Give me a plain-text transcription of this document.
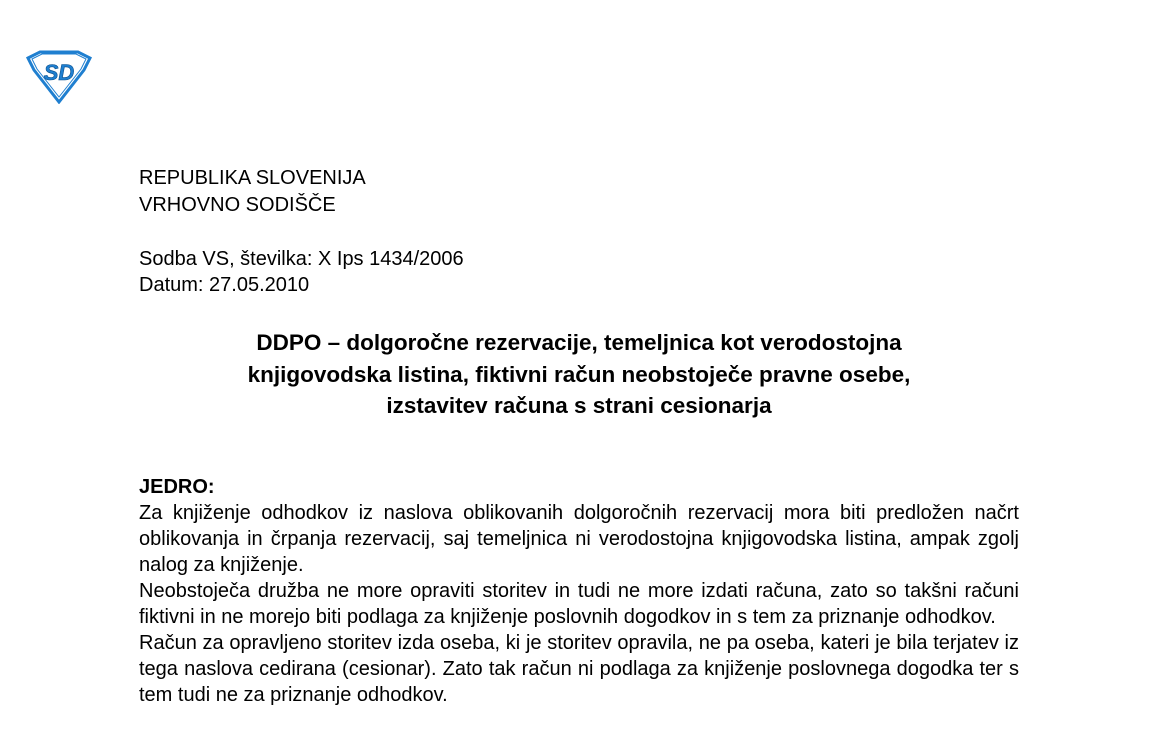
SD
REPUBLIKA SLOVENIJA
VRHOVNO SODIŠČE
Sodba VS, številka: X Ips 1434/2006
Datum: 27.05.2010
DDPO – dolgoročne rezervacije, temeljnica kot verodostojna
knjigovodska listina, fiktivni račun neobstoječe pravne osebe,
izstavitev računa s strani cesionarja
JEDRO:

Za knjiženje odhodkov iz naslova oblikovanih dolgoročnih rezervacij mora biti predložen načrt oblikovanja in črpanja rezervacij, saj temeljnica ni verodostojna knjigovodska listina, ampak zgolj nalog za knjiženje.

Neobstoječa družba ne more opraviti storitev in tudi ne more izdati računa, zato so takšni računi fiktivni in ne morejo biti podlaga za knjiženje poslovnih dogodkov in s tem za priznanje odhodkov.

Račun za opravljeno storitev izda oseba, ki je storitev opravila, ne pa oseba, kateri je bila terjatev iz tega naslova cedirana (cesionar). Zato tak račun ni podlaga za knjiženje poslovnega dogodka ter s tem tudi ne za priznanje odhodkov.
